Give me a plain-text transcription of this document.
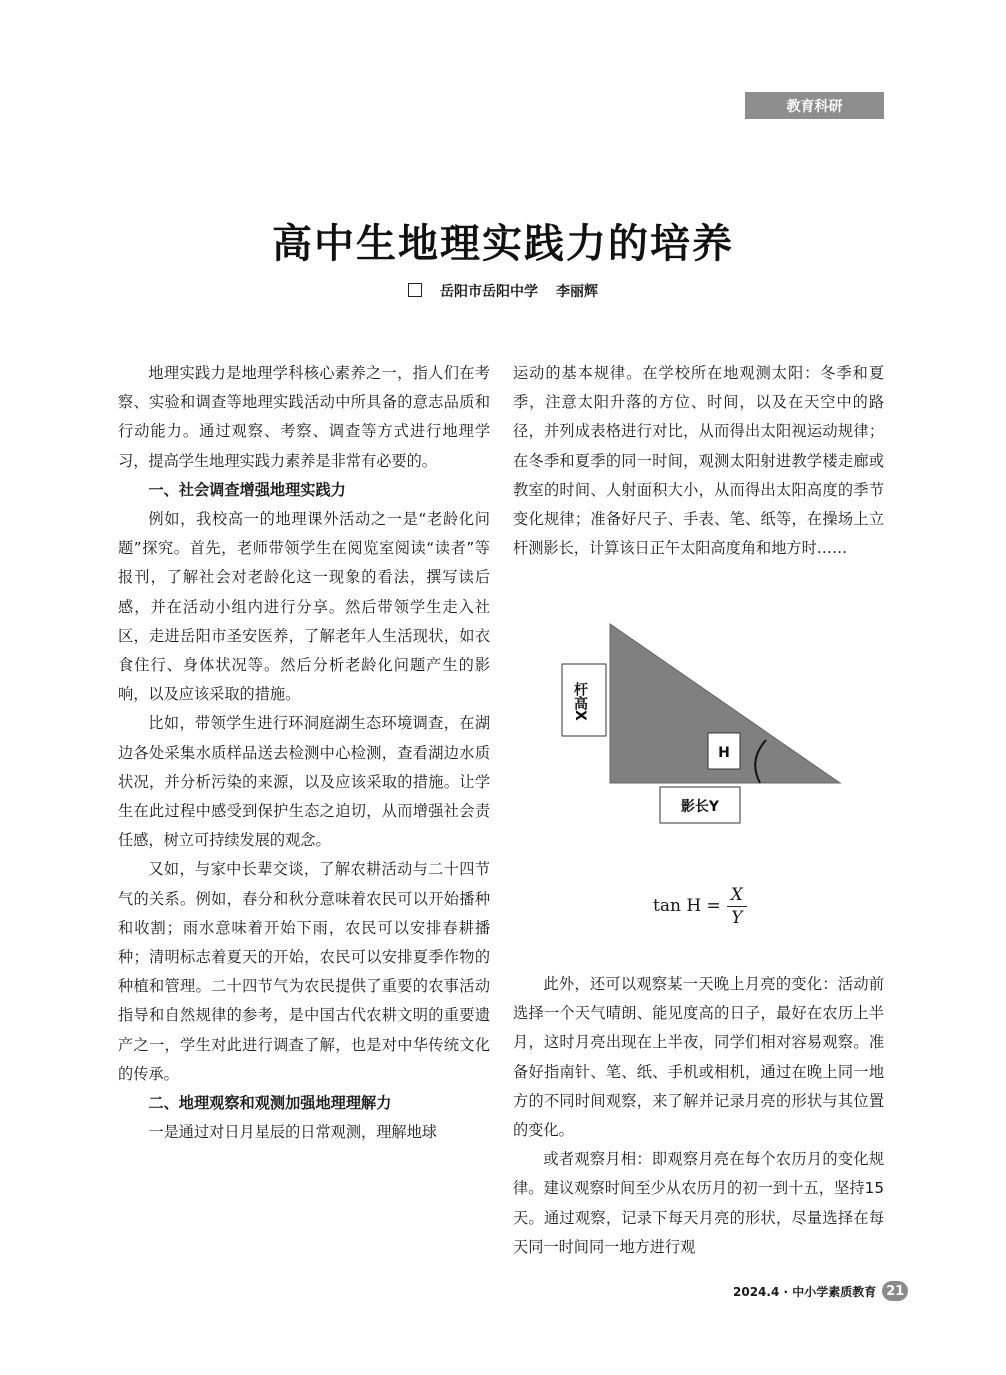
教育科研
高中生地理实践力的培养
岳阳市岳阳中学 李丽辉

地理实践力是地理学科核心素养之一，指人们在考察、实验和调查等地理实践活动中所具备的意志品质和行动能力。通过观察、考察、调查等方式进行地理学习，提高学生地理实践力素养是非常有必要的。

一、社会调查增强地理实践力

例如，我校高一的地理课外活动之一是“老龄化问题”探究。首先，老师带领学生在阅览室阅读“读者”等报刊，了解社会对老龄化这一现象的看法，撰写读后感，并在活动小组内进行分享。然后带领学生走入社区，走进岳阳市圣安医养，了解老年人生活现状，如衣食住行、身体状况等。然后分析老龄化问题产生的影响，以及应该采取的措施。

比如，带领学生进行环洞庭湖生态环境调查，在湖边各处采集水质样品送去检测中心检测，查看湖边水质状况，并分析污染的来源，以及应该采取的措施。让学生在此过程中感受到保护生态之迫切，从而增强社会责任感，树立可持续发展的观念。

又如，与家中长辈交谈，了解农耕活动与二十四节气的关系。例如，春分和秋分意味着农民可以开始播种和收割；雨水意味着开始下雨，农民可以安排春耕播种；清明标志着夏天的开始，农民可以安排夏季作物的种植和管理。二十四节气为农民提供了重要的农事活动指导和自然规律的参考，是中国古代农耕文明的重要遗产之一，学生对此进行调查了解，也是对中华传统文化的传承。

二、地理观察和观测加强地理理解力

一是通过对日月星辰的日常观测，理解地球

运动的基本规律。在学校所在地观测太阳：冬季和夏季，注意太阳升落的方位、时间，以及在天空中的路径，并列成表格进行对比，从而得出太阳视运动规律；在冬季和夏季的同一时间，观测太阳射进教学楼走廊或教室的时间、人射面积大小，从而得出太阳高度的季节变化规律；准备好尺子、手表、笔、纸等，在操场上立杆测影长，计算该日正午太阳高度角和地方时……

杆高X
H
影长Y
$\tan H = \frac{X}{Y}$

此外，还可以观察某一天晚上月亮的变化：活动前选择一个天气晴朗、能见度高的日子，最好在农历上半月，这时月亮出现在上半夜，同学们相对容易观察。准备好指南针、笔、纸、手机或相机，通过在晚上同一地方的不同时间观察，来了解并记录月亮的形状与其位置的变化。

或者观察月相：即观察月亮在每个农历月的变化规律。建议观察时间至少从农历月的初一到十五，坚持15天。通过观察，记录下每天月亮的形状，尽量选择在每天同一时间同一地方进行观

2024.4 · 中小学素质教育 21
